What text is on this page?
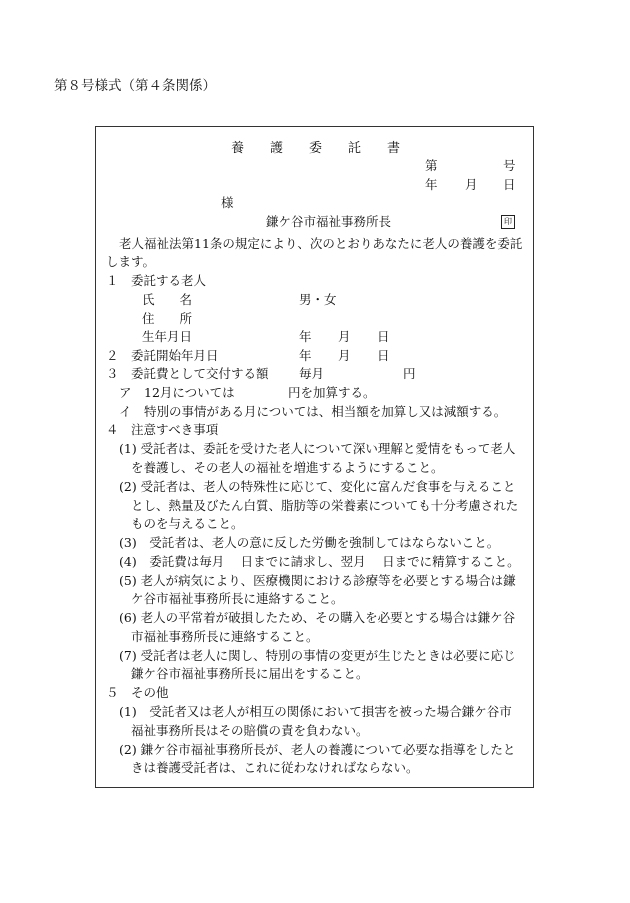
第８号様式（第４条関係）
養 護 委 託 書
第	号
年 月 日
様
鎌ケ谷市福祉事務所長	印
老人福祉法第11条の規定により、次のとおりあなたに老人の養護を委託
します。
１　委託する老人
氏　　名	男・女
住　　所
生年月日	年 月 日
２　委託開始年月日	年 月 日
３　委託費として交付する額 毎月	円
ア　12月については	円を加算する。
イ　特別の事情がある月については、相当額を加算し又は減額する。
４　注意すべき事項
(1) 受託者は、委託を受けた老人について深い理解と愛情をもって老人
を養護し、その老人の福祉を増進するようにすること。
(2) 受託者は、老人の特殊性に応じて、変化に富んだ食事を与えること
とし、熱量及びたん白質、脂肪等の栄養素についても十分考慮された
ものを与えること。
(3)　受託者は、老人の意に反した労働を強制してはならないこと。
(4)　委託費は毎月　 日までに請求し、翌月　 日までに精算すること。
(5) 老人が病気により、医療機関における診療等を必要とする場合は鎌
ケ谷市福祉事務所長に連絡すること。
(6) 老人の平常着が破損したため、その購入を必要とする場合は鎌ケ谷
市福祉事務所長に連絡すること。
(7) 受託者は老人に関し、特別の事情の変更が生じたときは必要に応じ
鎌ケ谷市福祉事務所長に届出をすること。
５　その他
(1)　受託者又は老人が相互の関係において損害を被った場合鎌ケ谷市
福祉事務所長はその賠償の責を負わない。
(2) 鎌ケ谷市福祉事務所長が、老人の養護について必要な指導をしたと
きは養護受託者は、これに従わなければならない。
